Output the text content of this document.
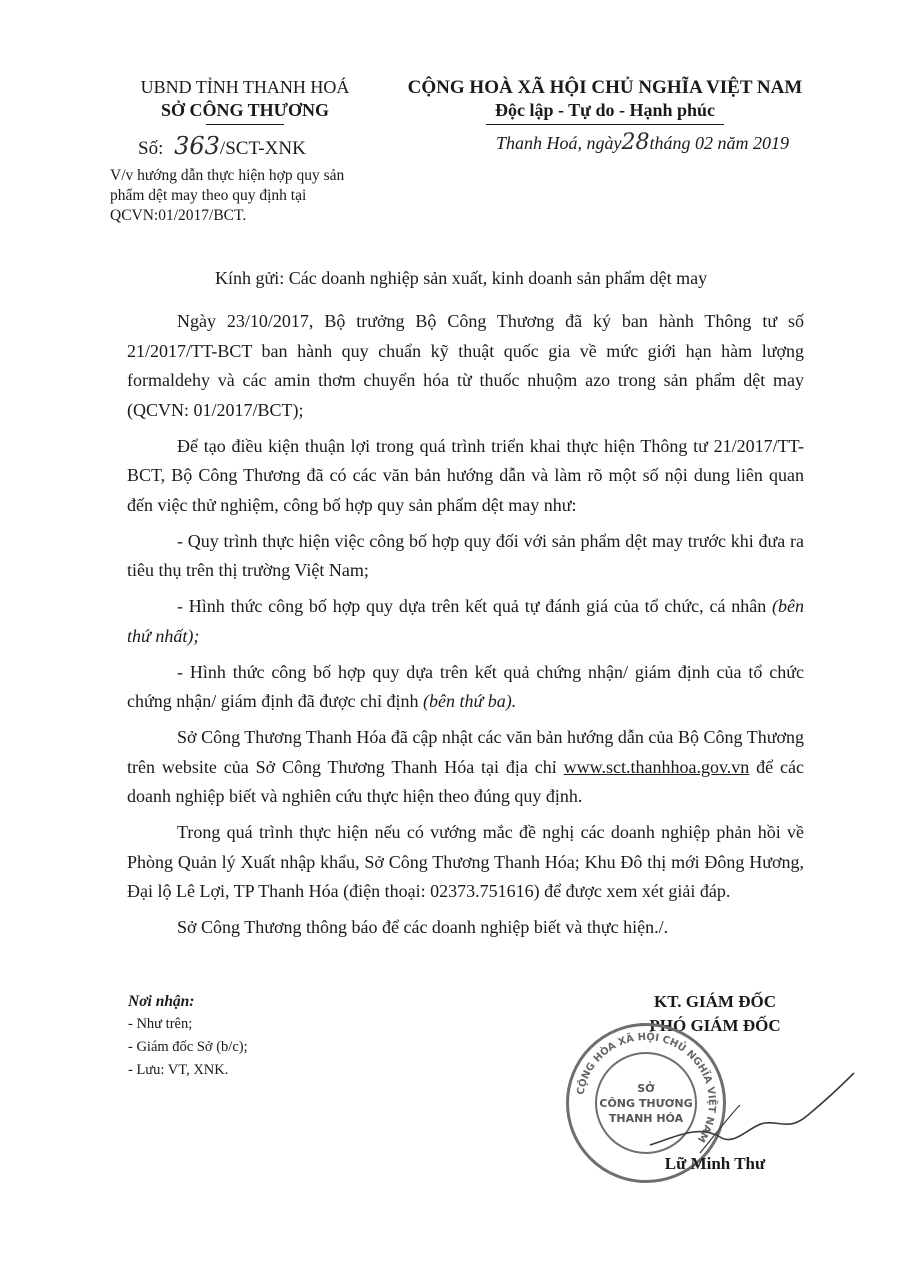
UBND TỈNH THANH HOÁ
SỞ CÔNG THƯƠNG
Số: 363/SCT-XNK
V/v hướng dẫn thực hiện hợp quy sản phẩm dệt may theo quy định tại QCVN:01/2017/BCT.
CỘNG HOÀ XÃ HỘI CHỦ NGHĨA VIỆT NAM
Độc lập - Tự do - Hạnh phúc
Thanh Hoá, ngày28tháng 02 năm 2019
Kính gửi: Các doanh nghiệp sản xuất, kinh doanh sản phẩm dệt may

Ngày 23/10/2017, Bộ trưởng Bộ Công Thương đã ký ban hành Thông tư số 21/2017/TT-BCT ban hành quy chuẩn kỹ thuật quốc gia về mức giới hạn hàm lượng formaldehy và các amin thơm chuyển hóa từ thuốc nhuộm azo trong sản phẩm dệt may (QCVN: 01/2017/BCT);

Để tạo điều kiện thuận lợi trong quá trình triển khai thực hiện Thông tư 21/2017/TT-BCT, Bộ Công Thương đã có các văn bản hướng dẫn và làm rõ một số nội dung liên quan đến việc thử nghiệm, công bố hợp quy sản phẩm dệt may như:

- Quy trình thực hiện việc công bố hợp quy đối với sản phẩm dệt may trước khi đưa ra tiêu thụ trên thị trường Việt Nam;

- Hình thức công bố hợp quy dựa trên kết quả tự đánh giá của tổ chức, cá nhân (bên thứ nhất);

- Hình thức công bố hợp quy dựa trên kết quả chứng nhận/ giám định của tổ chức chứng nhận/ giám định đã được chỉ định (bên thứ ba).

Sở Công Thương Thanh Hóa đã cập nhật các văn bản hướng dẫn của Bộ Công Thương trên website của Sở Công Thương Thanh Hóa tại địa chỉ www.sct.thanhhoa.gov.vn để các doanh nghiệp biết và nghiên cứu thực hiện theo đúng quy định.

Trong quá trình thực hiện nếu có vướng mắc đề nghị các doanh nghiệp phản hồi về Phòng Quản lý Xuất nhập khẩu, Sở Công Thương Thanh Hóa; Khu Đô thị mới Đông Hương, Đại lộ Lê Lợi, TP Thanh Hóa (điện thoại: 02373.751616) để được xem xét giải đáp.

Sở Công Thương thông báo để các doanh nghiệp biết và thực hiện./.

Nơi nhận:
- Như trên;
- Giám đốc Sở (b/c);
- Lưu: VT, XNK.
KT. GIÁM ĐỐC
PHÓ GIÁM ĐỐC
CỘNG HÒA XÃ HỘI CHỦ NGHĨA VIỆT NAM
SỞ
CÔNG THƯƠNG
THANH HÓA
Lữ Minh Thư
